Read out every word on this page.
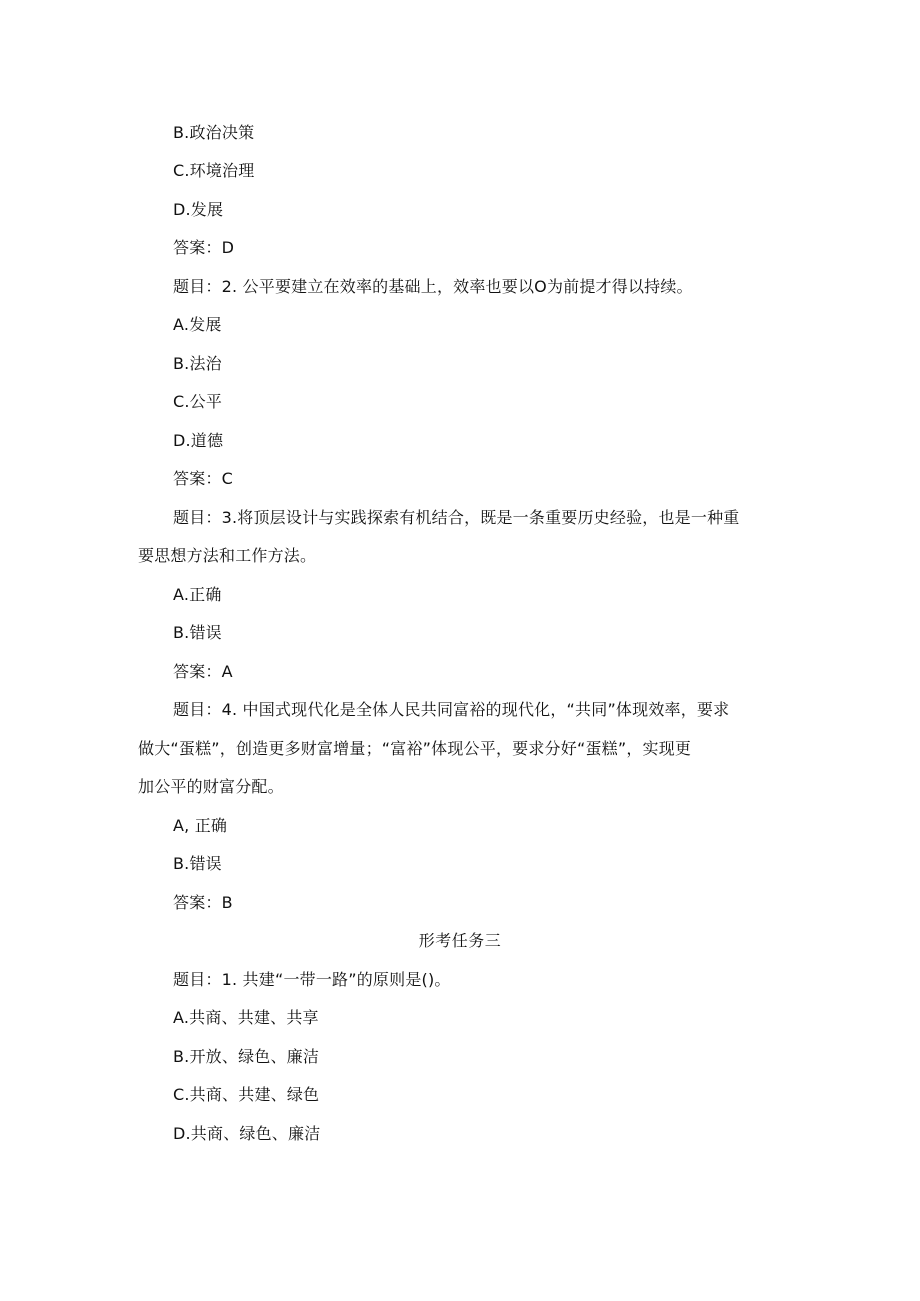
B.政治决策
C.环境治理
D.发展
答案：D
题目：2. 公平要建立在效率的基础上，效率也要以O为前提才得以持续。
A.发展
B.法治
C.公平
D.道德
答案：C
题目：3.将顶层设计与实践探索有机结合，既是一条重要历史经验，也是一种重
要思想方法和工作方法。
A.正确
B.错误
答案：A
题目：4. 中国式现代化是全体人民共同富裕的现代化，“共同”体现效率，要求
做大“蛋糕”，创造更多财富增量；“富裕”体现公平，要求分好“蛋糕”，实现更
加公平的财富分配。
A, 正确
B.错误
答案：B
形考任务三
题目：1. 共建“一带一路”的原则是()。
A.共商、共建、共享
B.开放、绿色、廉洁
C.共商、共建、绿色
D.共商、绿色、廉洁
